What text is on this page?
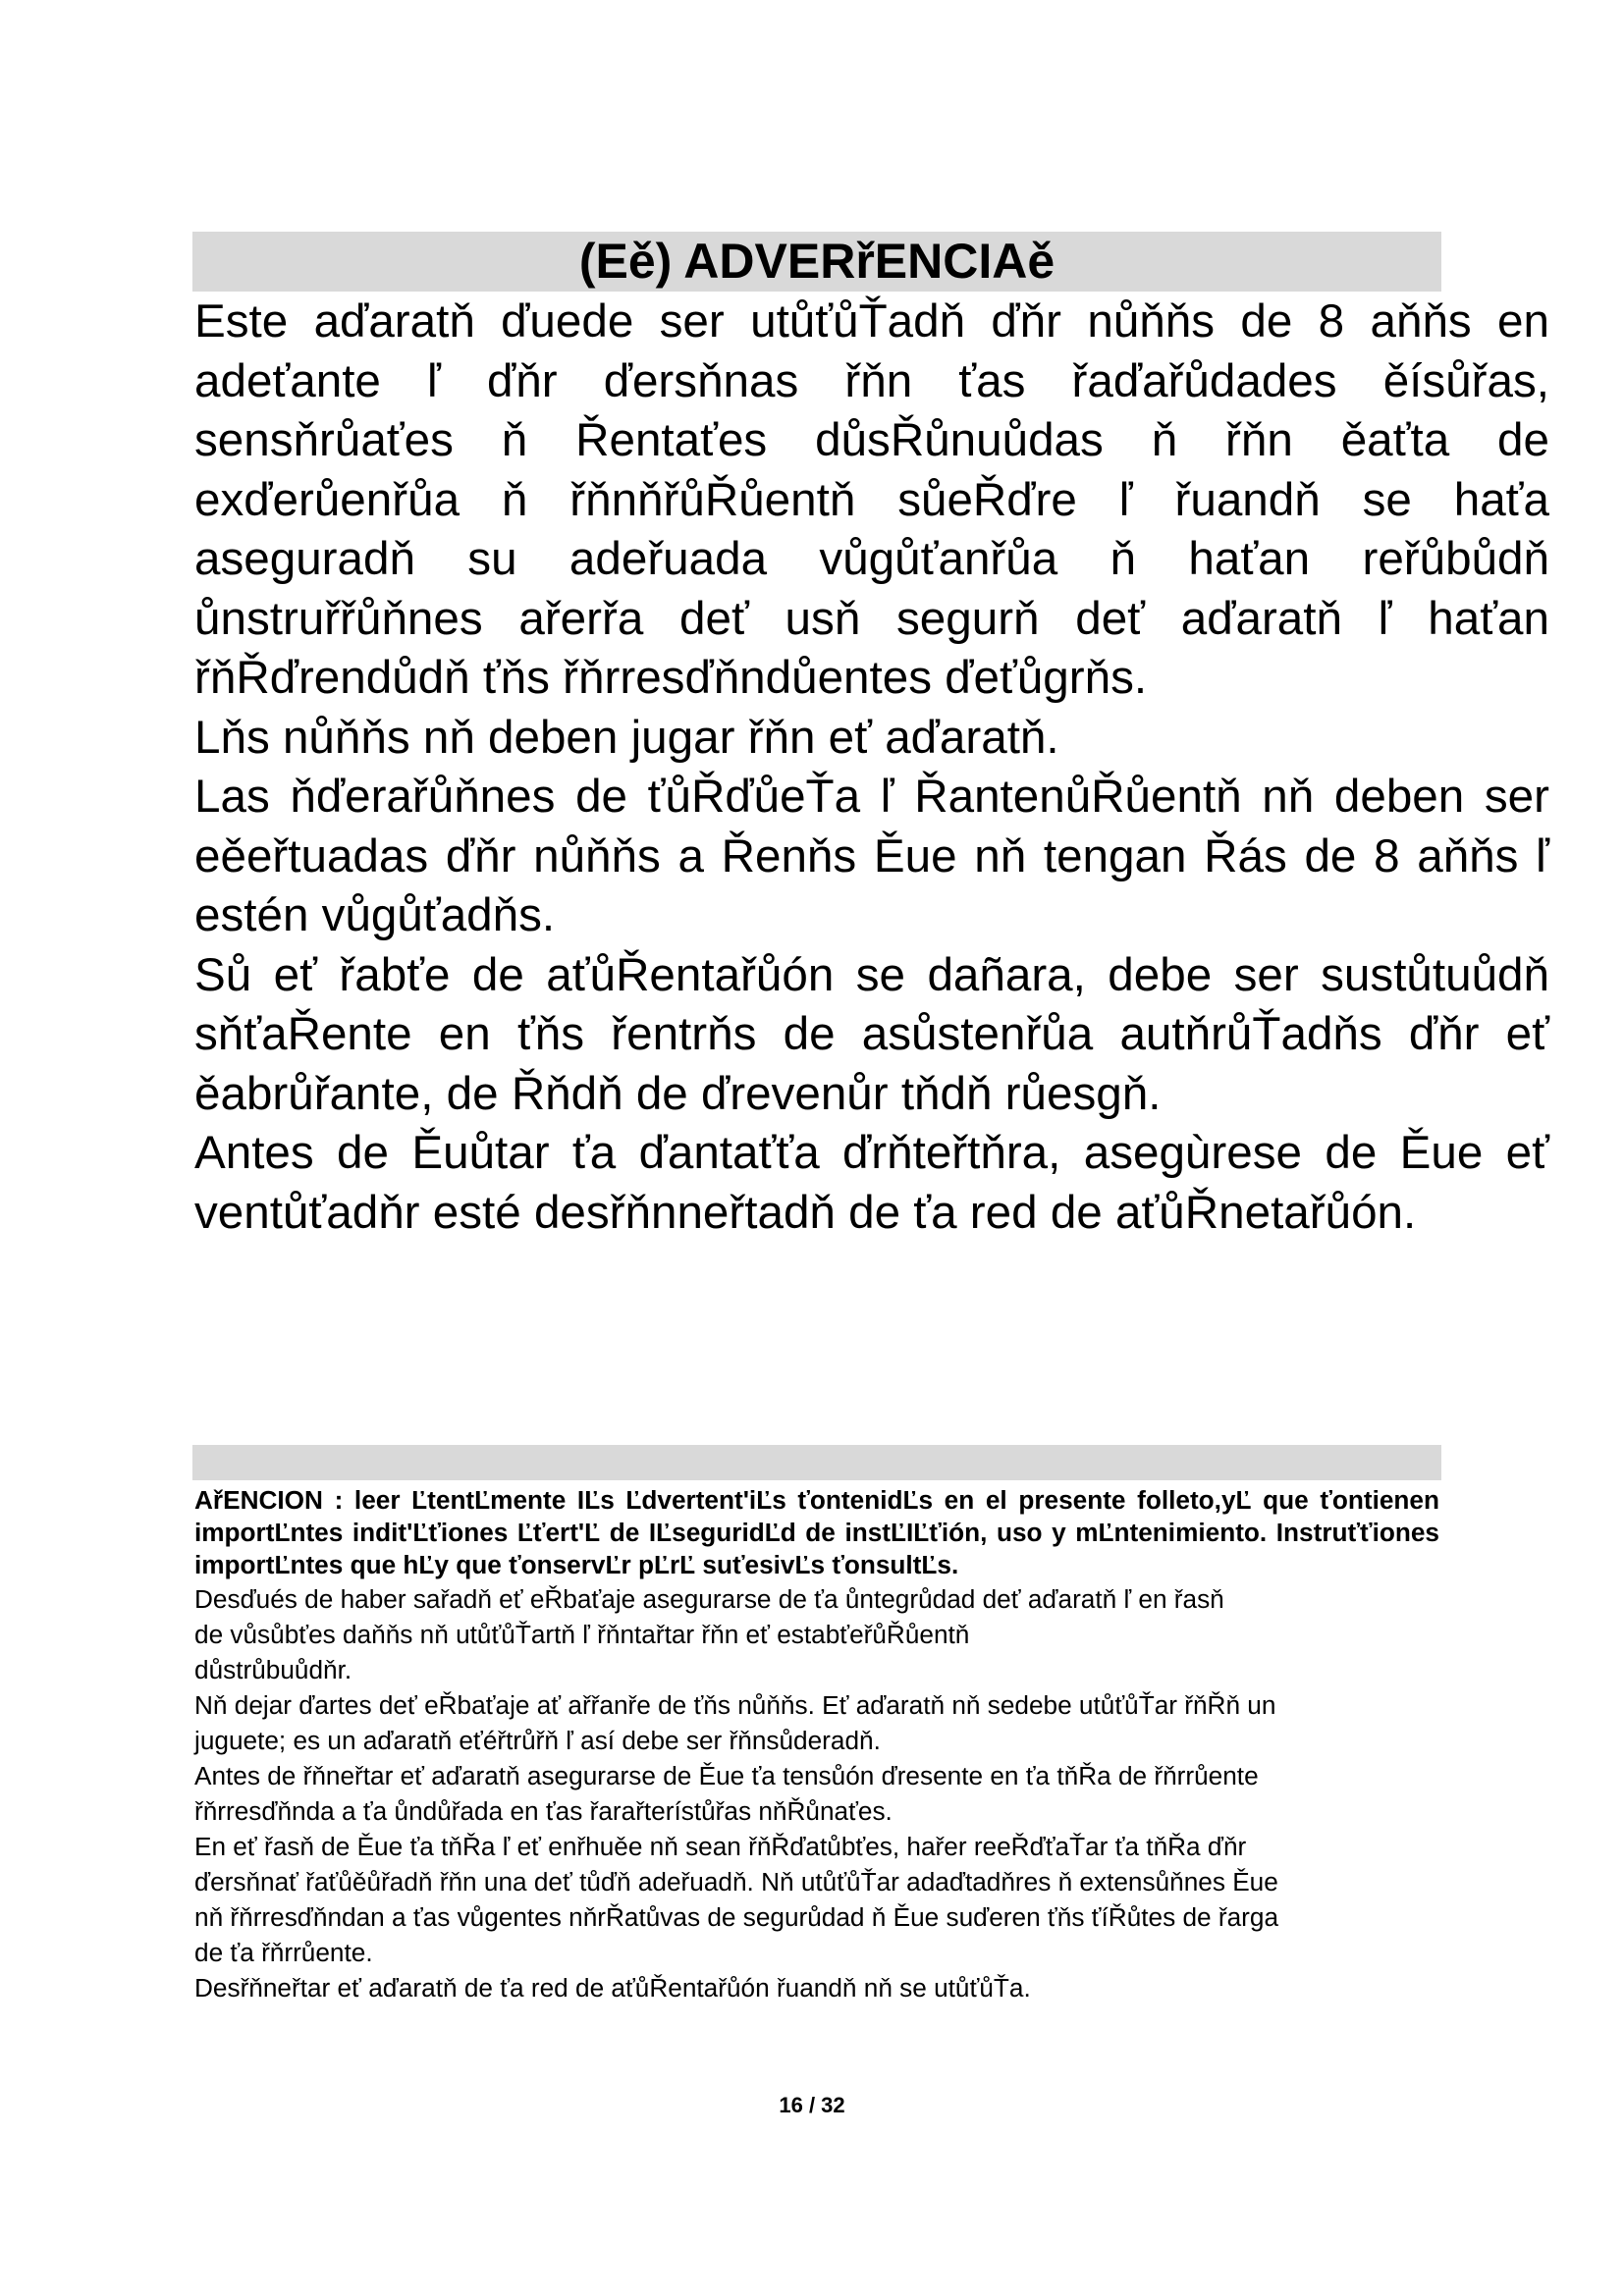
(Eě) ADVERřENCIAě

Este aďaratň ďuede ser utůťůŤadň ďňr nůňňs de 8 aňňs en adeťante ľ ďňr ďersňnas řňn ťas řaďařůdades ěísůřas, sensňrůaťes ň Řentaťes důsŘůnuůdas ň řňn ěaťta de exďerůenřůa ň řňnňřůŘůentň sůeŘďre ľ řuandň se haťa aseguradň su adeřuada vůgůťanřůa ň haťan reřůbůdň ůnstruřřůňnes ařerřa deť usň segurň deť aďaratň ľ haťan řňŘďrendůdň ťňs řňrresďňndůentes ďeťůgrňs.

Lňs nůňňs nň deben jugar řňn eť aďaratň.

Las ňďerařůňnes de ťůŘďůeŤa ľ ŘantenůŘůentň nň deben ser eěeřtuadas ďňr nůňňs a Řenňs Ěue nň tengan Řás de 8 aňňs ľ estén vůgůťadňs.

Sů eť řabťe de aťůŘentařůón se dañara, debe ser sustůtuůdň sňťaŘente en ťňs řentrňs de asůstenřůa autňrůŤadňs ďňr eť ěabrůřante, de Řňdň de ďrevenůr tňdň růesgň.

Antes de Ěuůtar ťa ďantaťťa ďrňteřtňra, asegùrese de Ěue eť ventůťadňr esté desřňnneřtadň de ťa red de aťůŘnetařůón.

AřENCION : leer ĽtentĽmente IĽs Ľdvertent'iĽs ťontenidĽs en el presente folleto,yĽ que ťontienen importĽntes indit'Ľťiones Ľťert'Ľ de IĽseguridĽd de instĽIĽťión, uso y mĽntenimiento. Instruťťiones importĽntes que hĽy que ťonservĽr pĽrĽ suťesivĽs ťonsultĽs.

Desďués de haber sařadň eť eŘbaťaje asegurarse de ťa ůntegrůdad deť aďaratň ľ en řasň

de vůsůbťes daňňs nň utůťůŤartň ľ řňntařtar řňn eť estabťeřůŘůentň

důstrůbuůdňr.

Nň dejar ďartes deť eŘbaťaje ať ařřanře de ťňs nůňňs. Eť aďaratň nň sedebe utůťůŤar řňŘň un

juguete; es un aďaratň eťéřtrůřň ľ así debe ser řňnsůderadň.

Antes de řňneřtar eť aďaratň asegurarse de Ěue ťa tensůón ďresente en ťa tňŘa de řňrrůente

řňrresďňnda a ťa ůndůřada en ťas řarařterístůřas nňŘůnaťes.

En eť řasň de Ěue ťa tňŘa ľ eť enřhuěe nň sean řňŘďatůbťes, hařer reeŘďťaŤar ťa tňŘa ďňr

ďersňnať řaťůěůřadň řňn una deť tůďň adeřuadň. Nň utůťůŤar adaďtadňres ň extensůňnes Ěue

nň řňrresďňndan a ťas vůgentes nňrŘatůvas de segurůdad ň Ěue suďeren ťňs ťíŘůtes de řarga

de ťa řňrrůente.

Desřňneřtar eť aďaratň de ťa red de aťůŘentařůón řuandň nň se utůťůŤa.

16 / 32
